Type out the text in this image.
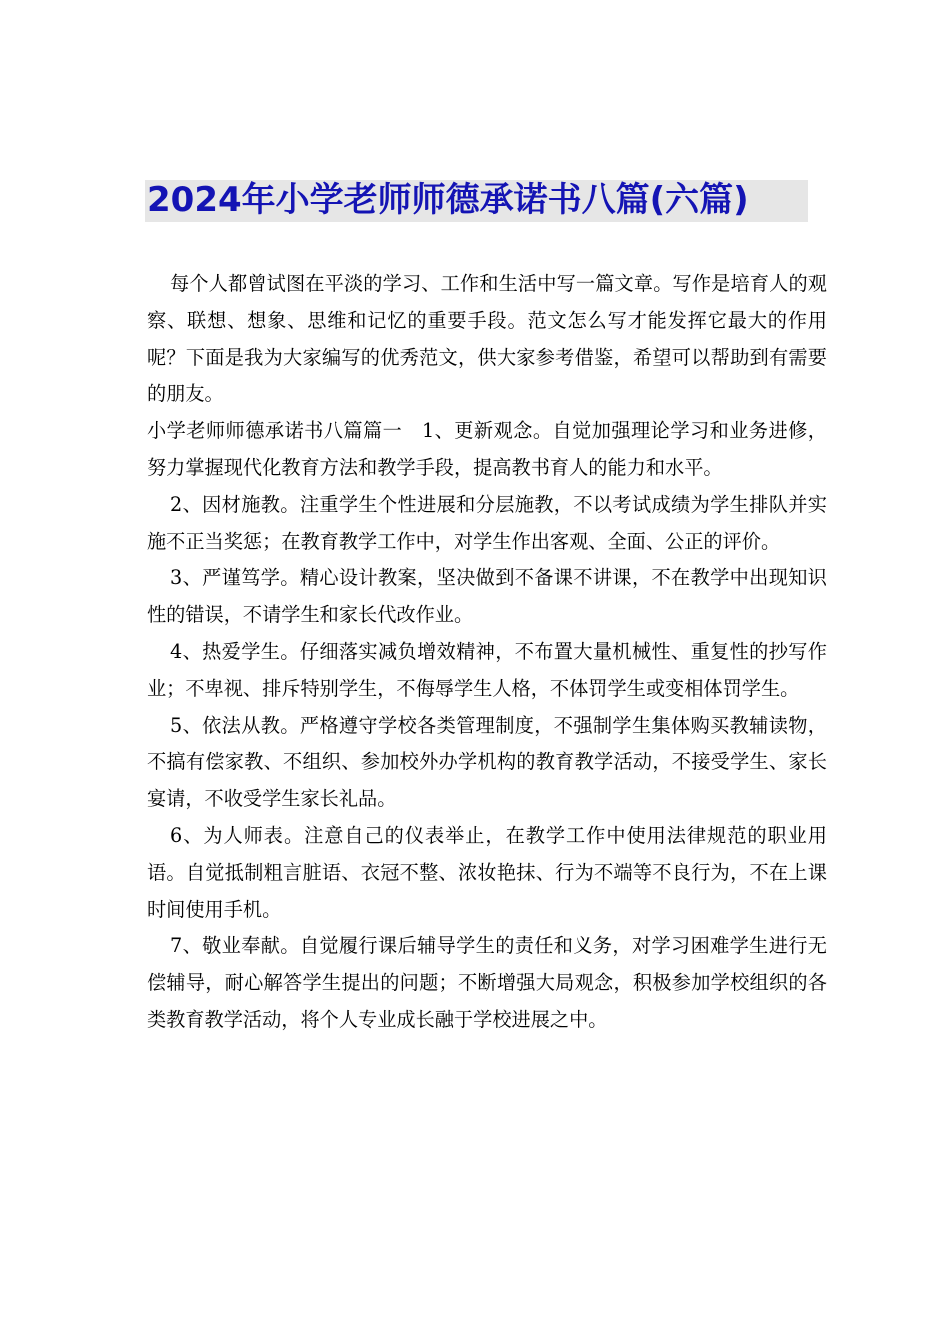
2024年小学老师师德承诺书八篇(六篇)

每个人都曾试图在平淡的学习、工作和生活中写一篇文章。写作是培育人的观察、联想、想象、思维和记忆的重要手段。范文怎么写才能发挥它最大的作用呢？下面是我为大家编写的优秀范文，供大家参考借鉴，希望可以帮助到有需要的朋友。

小学老师师德承诺书八篇篇一　1、更新观念。自觉加强理论学习和业务进修，努力掌握现代化教育方法和教学手段，提高教书育人的能力和水平。

2、因材施教。注重学生个性进展和分层施教，不以考试成绩为学生排队并实施不正当奖惩；在教育教学工作中，对学生作出客观、全面、公正的评价。

3、严谨笃学。精心设计教案，坚决做到不备课不讲课，不在教学中出现知识性的错误，不请学生和家长代改作业。

4、热爱学生。仔细落实减负增效精神，不布置大量机械性、重复性的抄写作业；不卑视、排斥特别学生，不侮辱学生人格，不体罚学生或变相体罚学生。

5、依法从教。严格遵守学校各类管理制度，不强制学生集体购买教辅读物，不搞有偿家教、不组织、参加校外办学机构的教育教学活动，不接受学生、家长宴请，不收受学生家长礼品。

6、为人师表。注意自己的仪表举止，在教学工作中使用法律规范的职业用语。自觉抵制粗言脏语、衣冠不整、浓妆艳抹、行为不端等不良行为，不在上课时间使用手机。

7、敬业奉献。自觉履行课后辅导学生的责任和义务，对学习困难学生进行无偿辅导，耐心解答学生提出的问题；不断增强大局观念，积极参加学校组织的各类教育教学活动，将个人专业成长融于学校进展之中。
